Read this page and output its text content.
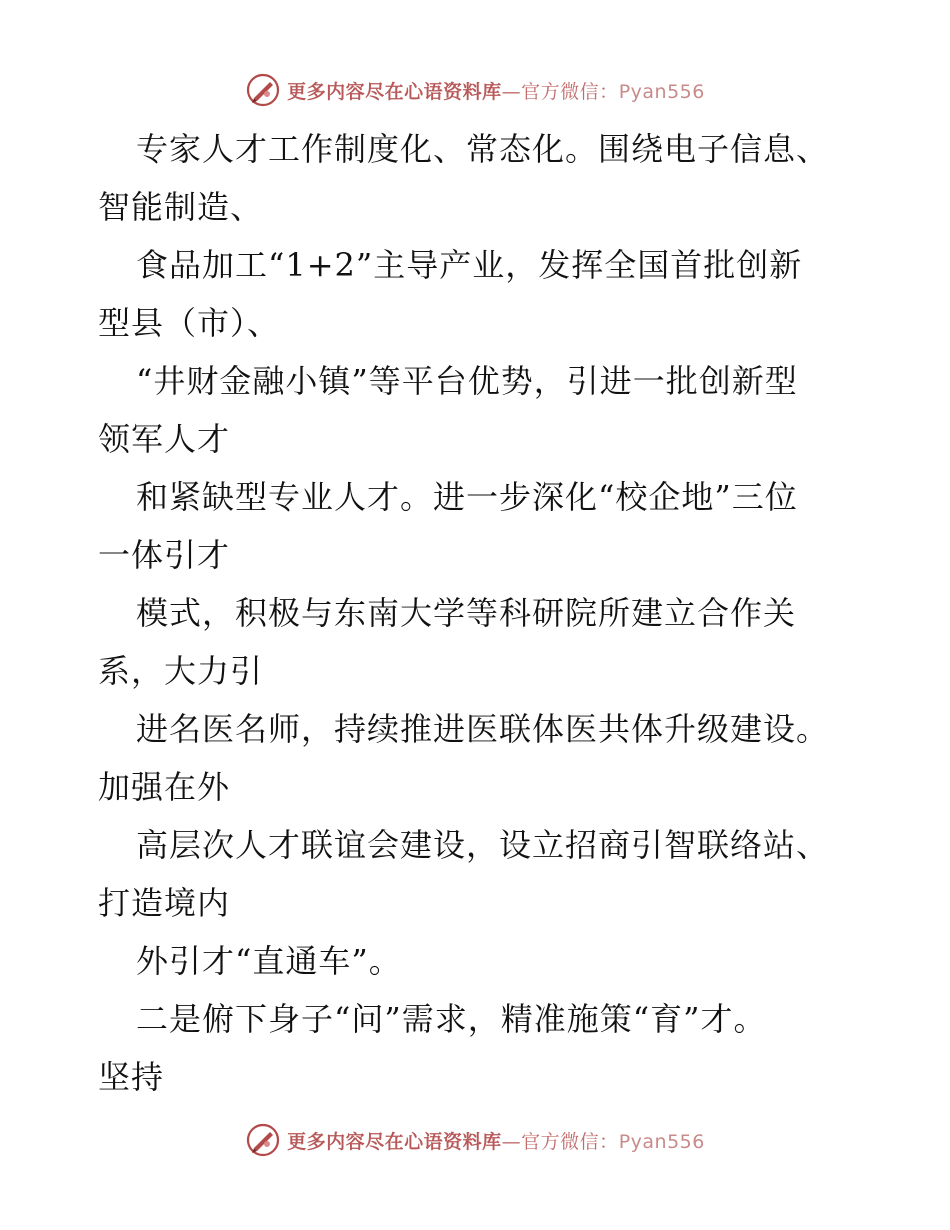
更多内容尽在心语资料库—官方微信：Pyan556
专家人才工作制度化、常态化。围绕电子信息、
智能制造、
食品加工“1+2”主导产业，发挥全国首批创新
型县（市）、
“井财金融小镇”等平台优势，引进一批创新型
领军人才
和紧缺型专业人才。进一步深化“校企地”三位
一体引才
模式，积极与东南大学等科研院所建立合作关
系，大力引
进名医名师，持续推进医联体医共体升级建设。
加强在外
高层次人才联谊会建设，设立招商引智联络站、
打造境内
外引才“直通车”。
二是俯下身子“问”需求，精准施策“育”才。
坚持
更多内容尽在心语资料库—官方微信：Pyan556
